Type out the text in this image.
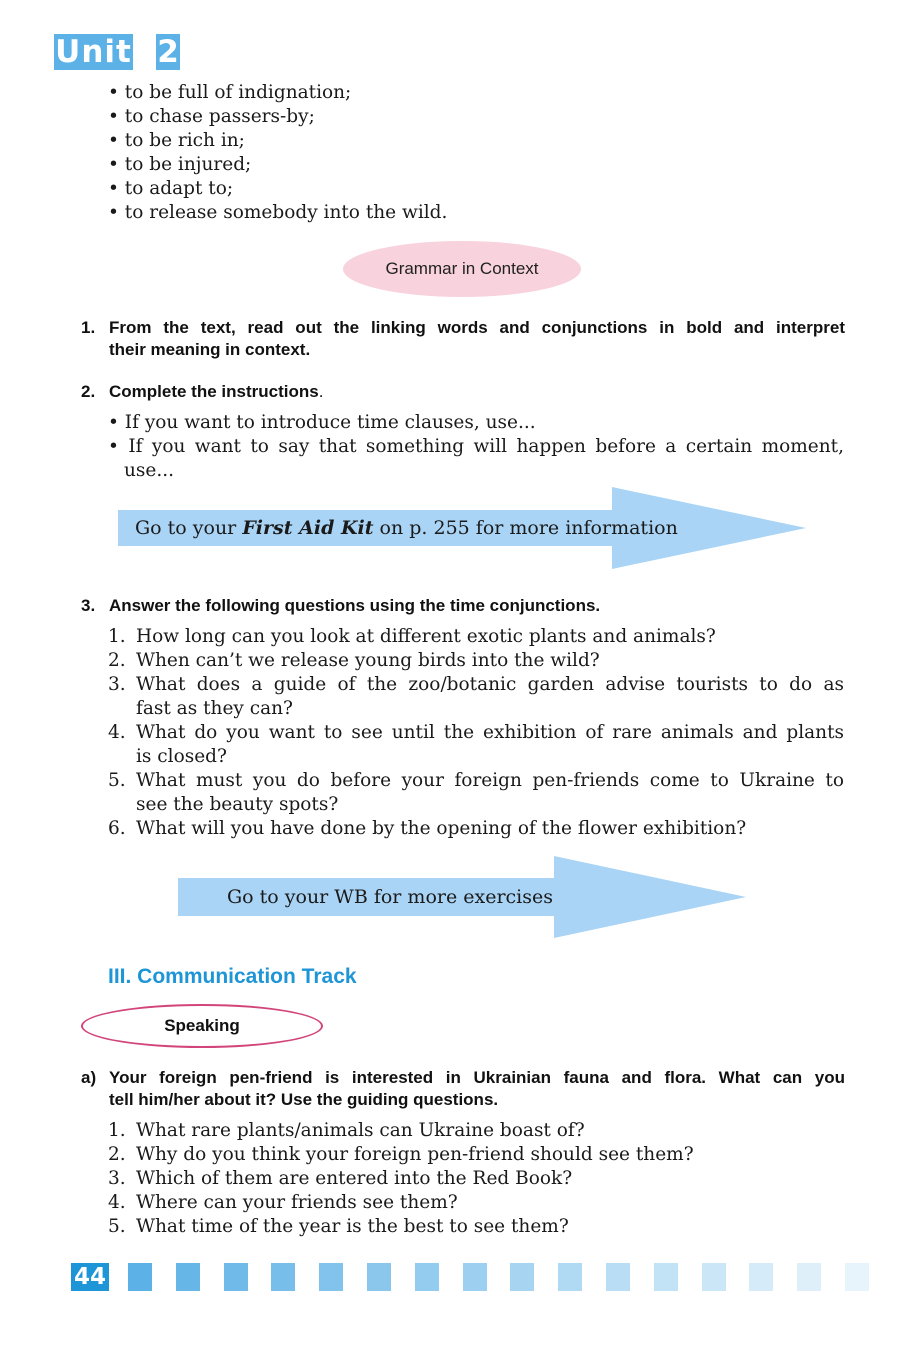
Unit 2
• to be full of indignation;
• to chase passers-by;
• to be rich in;
• to be injured;
• to adapt to;
• to release somebody into the wild.
Grammar in Context
1. From the text, read out the linking words and conjunctions in bold and interpret
their meaning in context.
2. Complete the instructions.
• If you want to introduce time clauses, use...
• If you want to say that something will happen before a certain moment,
use...
Go to your First Aid Kit on p. 255 for more information
3. Answer the following questions using the time conjunctions.
1. How long can you look at different exotic plants and animals?
2. When can’t we release young birds into the wild?
3. What does a guide of the zoo/botanic garden advise tourists to do as
fast as they can?
4. What do you want to see until the exhibition of rare animals and plants
is closed?
5. What must you do before your foreign pen-friends come to Ukraine to
see the beauty spots?
6. What will you have done by the opening of the flower exhibition?
Go to your WB for more exercises
III. Communication Track
Speaking
a) Your foreign pen-friend is interested in Ukrainian fauna and flora. What can you
tell him/her about it? Use the guiding questions.
1. What rare plants/animals can Ukraine boast of?
2. Why do you think your foreign pen-friend should see them?
3. Which of them are entered into the Red Book?
4. Where can your friends see them?
5. What time of the year is the best to see them?
44
